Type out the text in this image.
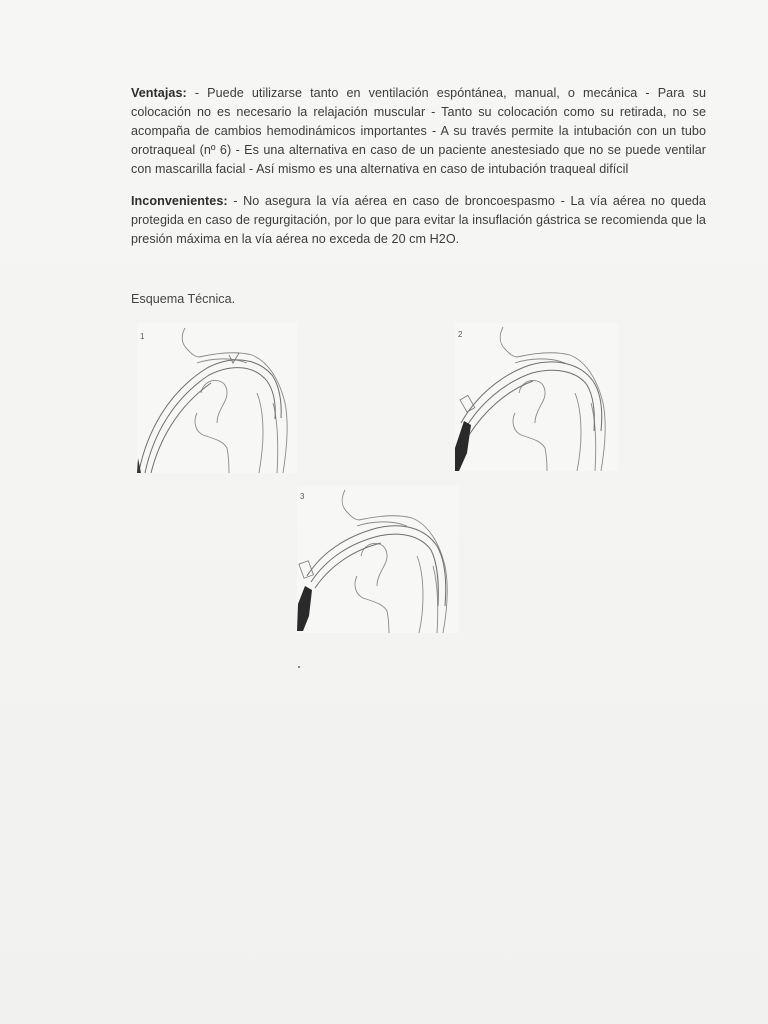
Ventajas: - Puede utilizarse tanto en ventilación espóntánea, manual, o mecánica - Para su colocación no es necesario la relajación muscular - Tanto su colocación como su retirada, no se acompaña de cambios hemodinámicos importantes - A su través permite la intubación con un tubo orotraqueal (nº 6) - Es una alternativa en caso de un paciente anestesiado que no se puede ventilar con mascarilla facial - Así mismo es una alternativa en caso de intubación traqueal difícil

Inconvenientes: - No asegura la vía aérea en caso de broncoespasmo - La vía aérea no queda protegida en caso de regurgitación, por lo que para evitar la insuflación gástrica se recomienda que la presión máxima en la vía aérea no exceda de 20 cm H2O.

Esquema Técnica.
1	2
3
